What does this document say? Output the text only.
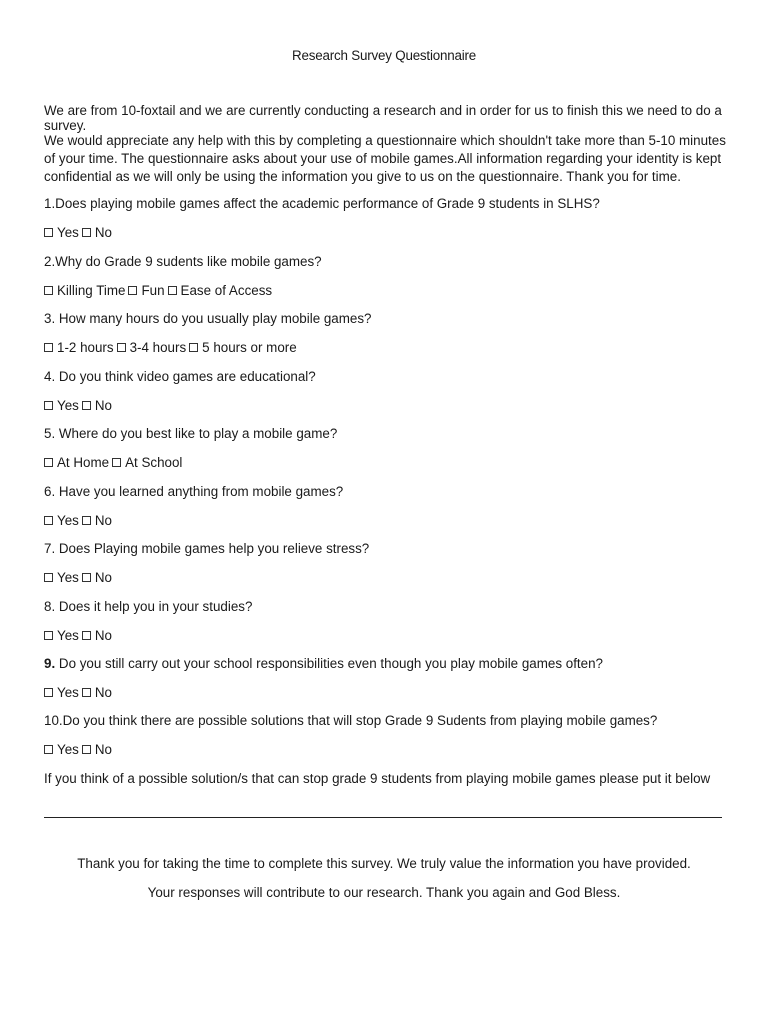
Research Survey Questionnaire
We are from 10-foxtail and we are currently conducting a research and in order for us to finish this we need to do a survey.
We would appreciate any help with this by completing a questionnaire which shouldn't take more than 5-10 minutes of your time. The questionnaire asks about your use of mobile games.All information regarding your identity is kept confidential as we will only be using the information you give to us on the questionnaire. Thank you for time.
1.Does playing mobile games affect the academic performance of Grade 9 students in SLHS?
Yes No
2.Why do Grade 9 sudents like mobile games?
Killing Time Fun Ease of Access
3. How many hours do you usually play mobile games?
1-2 hours 3-4 hours 5 hours or more
4. Do you think video games are educational?
Yes No
5. Where do you best like to play a mobile game?
At Home At School
6. Have you learned anything from mobile games?
Yes No
7. Does Playing mobile games help you relieve stress?
Yes No
8. Does it help you in your studies?
Yes No
9. Do you still carry out your school responsibilities even though you play mobile games often?
Yes No
10.Do you think there are possible solutions that will stop Grade 9 Sudents from playing mobile games?
Yes No
If you think of a possible solution/s that can stop grade 9 students from playing mobile games please put it below
Thank you for taking the time to complete this survey. We truly value the information you have provided.
Your responses will contribute to our research. Thank you again and God Bless.
